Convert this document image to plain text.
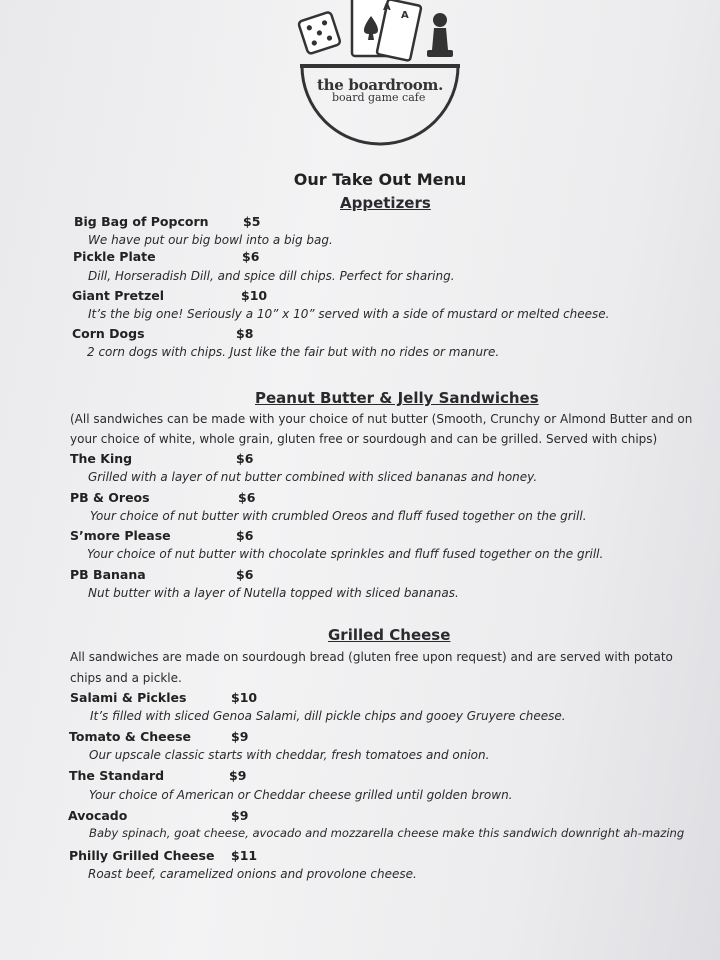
A
A
the boardroom.
board game cafe
Our Take Out Menu
Appetizers
Big Bag of Popcorn	$5
We have put our big bowl into a big bag.
Pickle Plate	$6
Dill, Horseradish Dill, and spice dill chips. Perfect for sharing.
Giant Pretzel	$10
It’s the big one! Seriously a 10” x 10” served with a side of mustard or melted cheese.
Corn Dogs	$8
2 corn dogs with chips. Just like the fair but with no rides or manure.
Peanut Butter & Jelly Sandwiches
(All sandwiches can be made with your choice of nut butter (Smooth, Crunchy or Almond Butter and on
your choice of white, whole grain, gluten free or sourdough and can be grilled. Served with chips)
The King	$6
Grilled with a layer of nut butter combined with sliced bananas and honey.
PB & Oreos	$6
Your choice of nut butter with crumbled Oreos and fluff fused together on the grill.
S’more Please	$6
Your choice of nut butter with chocolate sprinkles and fluff fused together on the grill.
PB Banana	$6
Nut butter with a layer of Nutella topped with sliced bananas.
Grilled Cheese
All sandwiches are made on sourdough bread (gluten free upon request) and are served with potato
chips and a pickle.
Salami & Pickles	$10
It’s filled with sliced Genoa Salami, dill pickle chips and gooey Gruyere cheese.
Tomato & Cheese	$9
Our upscale classic starts with cheddar, fresh tomatoes and onion.
The Standard	$9
Your choice of American or Cheddar cheese grilled until golden brown.
Avocado	$9
Baby spinach, goat cheese, avocado and mozzarella cheese make this sandwich downright ah-mazing
Philly Grilled Cheese $11
Roast beef, caramelized onions and provolone cheese.
